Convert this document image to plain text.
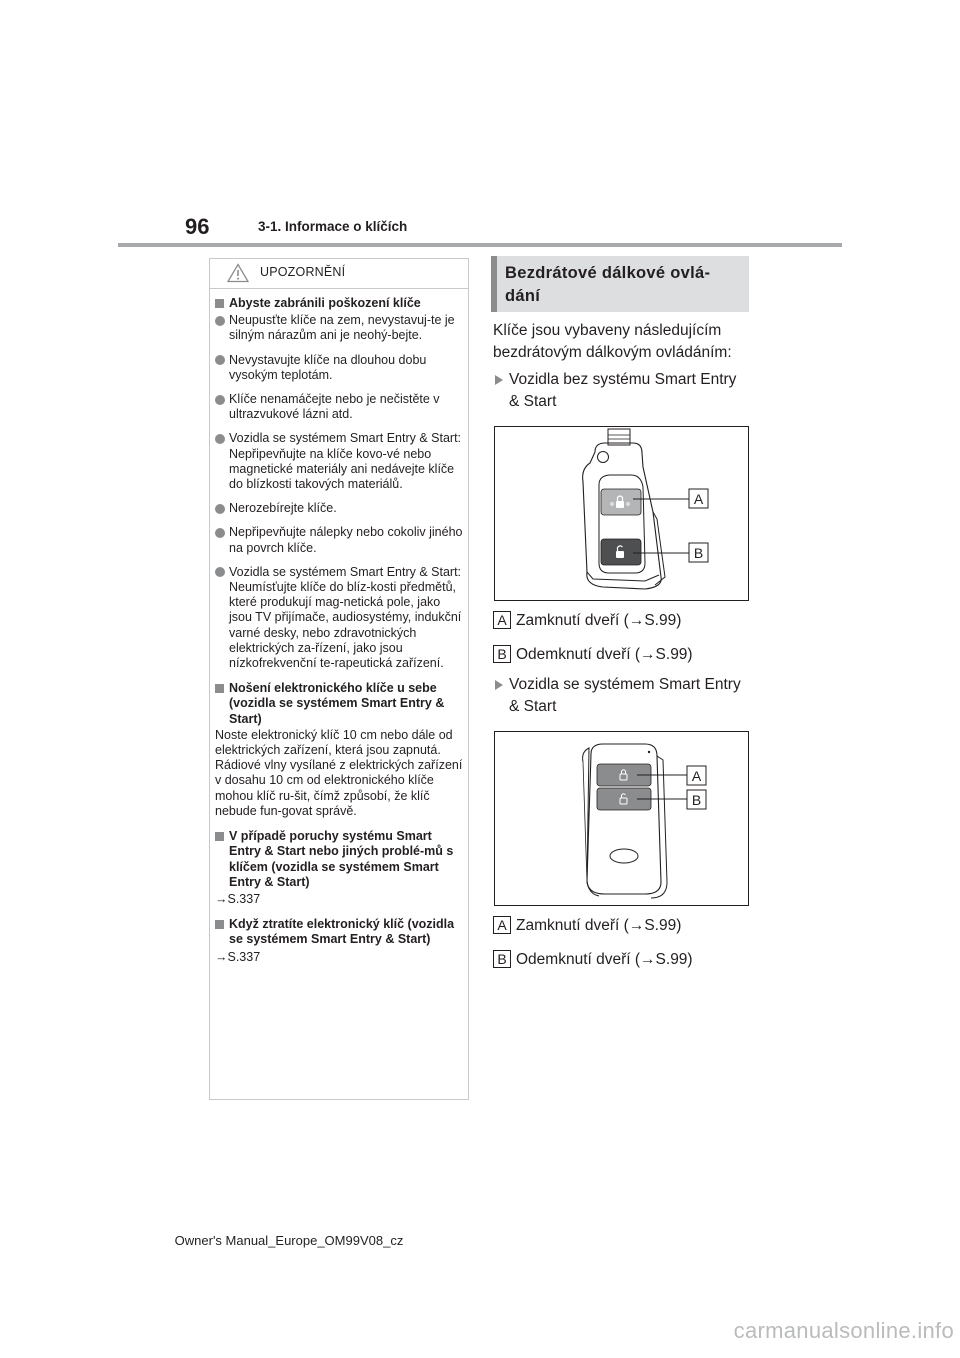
96	3-1. Informace o klíčích
UPOZORNĚNÍ
Abyste zabránili poškození klíče
Neupusťte klíče na zem, nevystavuj-te je silným nárazům ani je neohý-bejte.
Nevystavujte klíče na dlouhou dobu vysokým teplotám.
Klíče nenamáčejte nebo je nečistěte v ultrazvukové lázni atd.
Vozidla se systémem Smart Entry & Start: Nepřipevňujte na klíče kovo-vé nebo magnetické materiály ani nedávejte klíče do blízkosti takových materiálů.
Nerozebírejte klíče.
Nepřipevňujte nálepky nebo cokoliv jiného na povrch klíče.
Vozidla se systémem Smart Entry & Start: Neumísťujte klíče do blíz-kosti předmětů, které produkují mag-netická pole, jako jsou TV přijímače, audiosystémy, indukční varné desky, nebo zdravotnických elektrických za-řízení, jako jsou nízkofrekvenční te-rapeutická zařízení.
Nošení elektronického klíče u sebe (vozidla se systémem Smart Entry & Start)
Noste elektronický klíč 10 cm nebo dále od elektrických zařízení, která jsou zapnutá. Rádiové vlny vysílané z elektrických zařízení v dosahu 10 cm od elektronického klíče mohou klíč ru-šit, čímž způsobí, že klíč nebude fun-govat správě.
V případě poruchy systému Smart Entry & Start nebo jiných problé-mů s klíčem (vozidla se systémem Smart Entry & Start)
→S.337
Když ztratíte elektronický klíč (vozidla se systémem Smart Entry & Start)
→S.337
Bezdrátové dálkové ovlá-
dání
Klíče jsou vybaveny následujícím bezdrátovým dálkovým ovládáním:
Vozidla bez systému Smart Entry
& Start
A
B
A Zamknutí dveří (→S.99)
B Odemknutí dveří (→S.99)
Vozidla se systémem Smart Entry
& Start
A
B
A Zamknutí dveří (→S.99)
B Odemknutí dveří (→S.99)
Owner's Manual_Europe_OM99V08_cz
carmanualsonline.info
